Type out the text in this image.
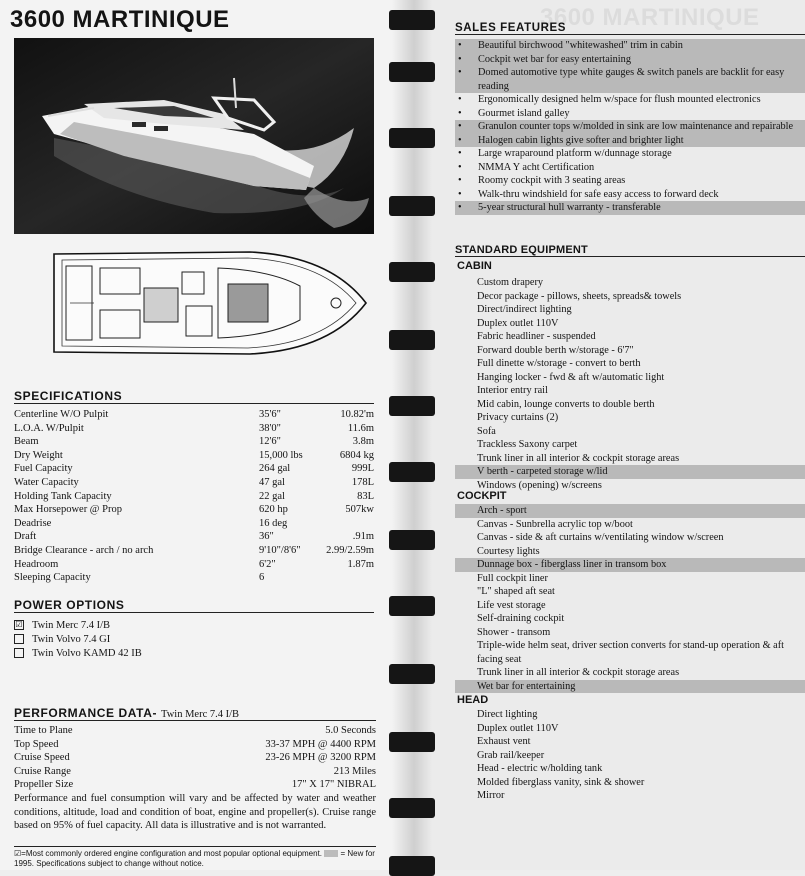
3600 MARTINIQUE
3600 MARTINIQUE
SPECIFICATIONS
Centerline W/O Pulpit	35'6"	10.82'm
L.O.A. W/Pulpit	38'0"	11.6m
Beam	12'6"	3.8m
Dry Weight	15,000 lbs	6804 kg
Fuel Capacity	264 gal	999L
Water Capacity	47 gal	178L
Holding Tank Capacity	22 gal	83L
Max Horsepower @ Prop	620 hp	507kw
Deadrise	16 deg
Draft	36"	.91m
Bridge Clearance - arch / no arch	9'10"/8'6"	2.99/2.59m
Headroom	6'2"	1.87m
Sleeping Capacity	6
POWER OPTIONS
☑ Twin Merc 7.4 I/B
Twin Volvo 7.4 GI
Twin Volvo KAMD 42 IB
PERFORMANCE DATA- Twin Merc 7.4 I/B
Time to Plane	5.0 Seconds
Top Speed	33-37 MPH @ 4400 RPM
Cruise Speed	23-26 MPH @ 3200 RPM
Cruise Range	213 Miles
Propeller Size	17" X 17" NIBRAL
Performance and fuel consumption will vary and be affected by water and weather conditions, altitude, load and condition of boat, engine and propeller(s). Cruise range based on 95% of fuel capacity. All data is illustrative and is not warranted.
☑=Most commonly ordered engine configuration and most popular optional equipment. = New for 1995. Specifications subject to change without notice.
SALES FEATURES
• Beautiful birchwood "whitewashed" trim in cabin
• Cockpit wet bar for easy entertaining
• Domed automotive type white gauges & switch panels are backlit for easy reading
• Ergonomically designed helm w/space for flush mounted electronics
• Gourmet island galley
• Granulon counter tops w/molded in sink are low maintenance and repairable
• Halogen cabin lights give softer and brighter light
• Large wraparound platform w/dunnage storage
• NMMA Y acht Certification
• Roomy cockpit with 3 seating areas
• Walk-thru windshield for safe easy access to forward deck
• 5-year structural hull warranty - transferable
STANDARD EQUIPMENT
CABIN
Custom drapery
Decor package - pillows, sheets, spreads& towels
Direct/indirect lighting
Duplex outlet 110V
Fabric headliner - suspended
Forward double berth w/storage - 6'7"
Full dinette w/storage - convert to berth
Hanging locker - fwd & aft w/automatic light
Interior entry rail
Mid cabin, lounge converts to double berth
Privacy curtains (2)
Sofa
Trackless Saxony carpet
Trunk liner in all interior & cockpit storage areas
V berth - carpeted storage w/lid
Windows (opening) w/screens
COCKPIT
Arch - sport
Canvas - Sunbrella acrylic top w/boot
Canvas - side & aft curtains w/ventilating window w/screen
Courtesy lights
Dunnage box - fiberglass liner in transom box
Full cockpit liner
"L" shaped aft seat
Life vest storage
Self-draining cockpit
Shower - transom
Triple-wide helm seat, driver section converts for stand-up operation & aft facing seat
Trunk liner in all interior & cockpit storage areas
Wet bar for entertaining
HEAD
Direct lighting
Duplex outlet 110V
Exhaust vent
Grab rail/keeper
Head - electric w/holding tank
Molded fiberglass vanity, sink & shower
Mirror
